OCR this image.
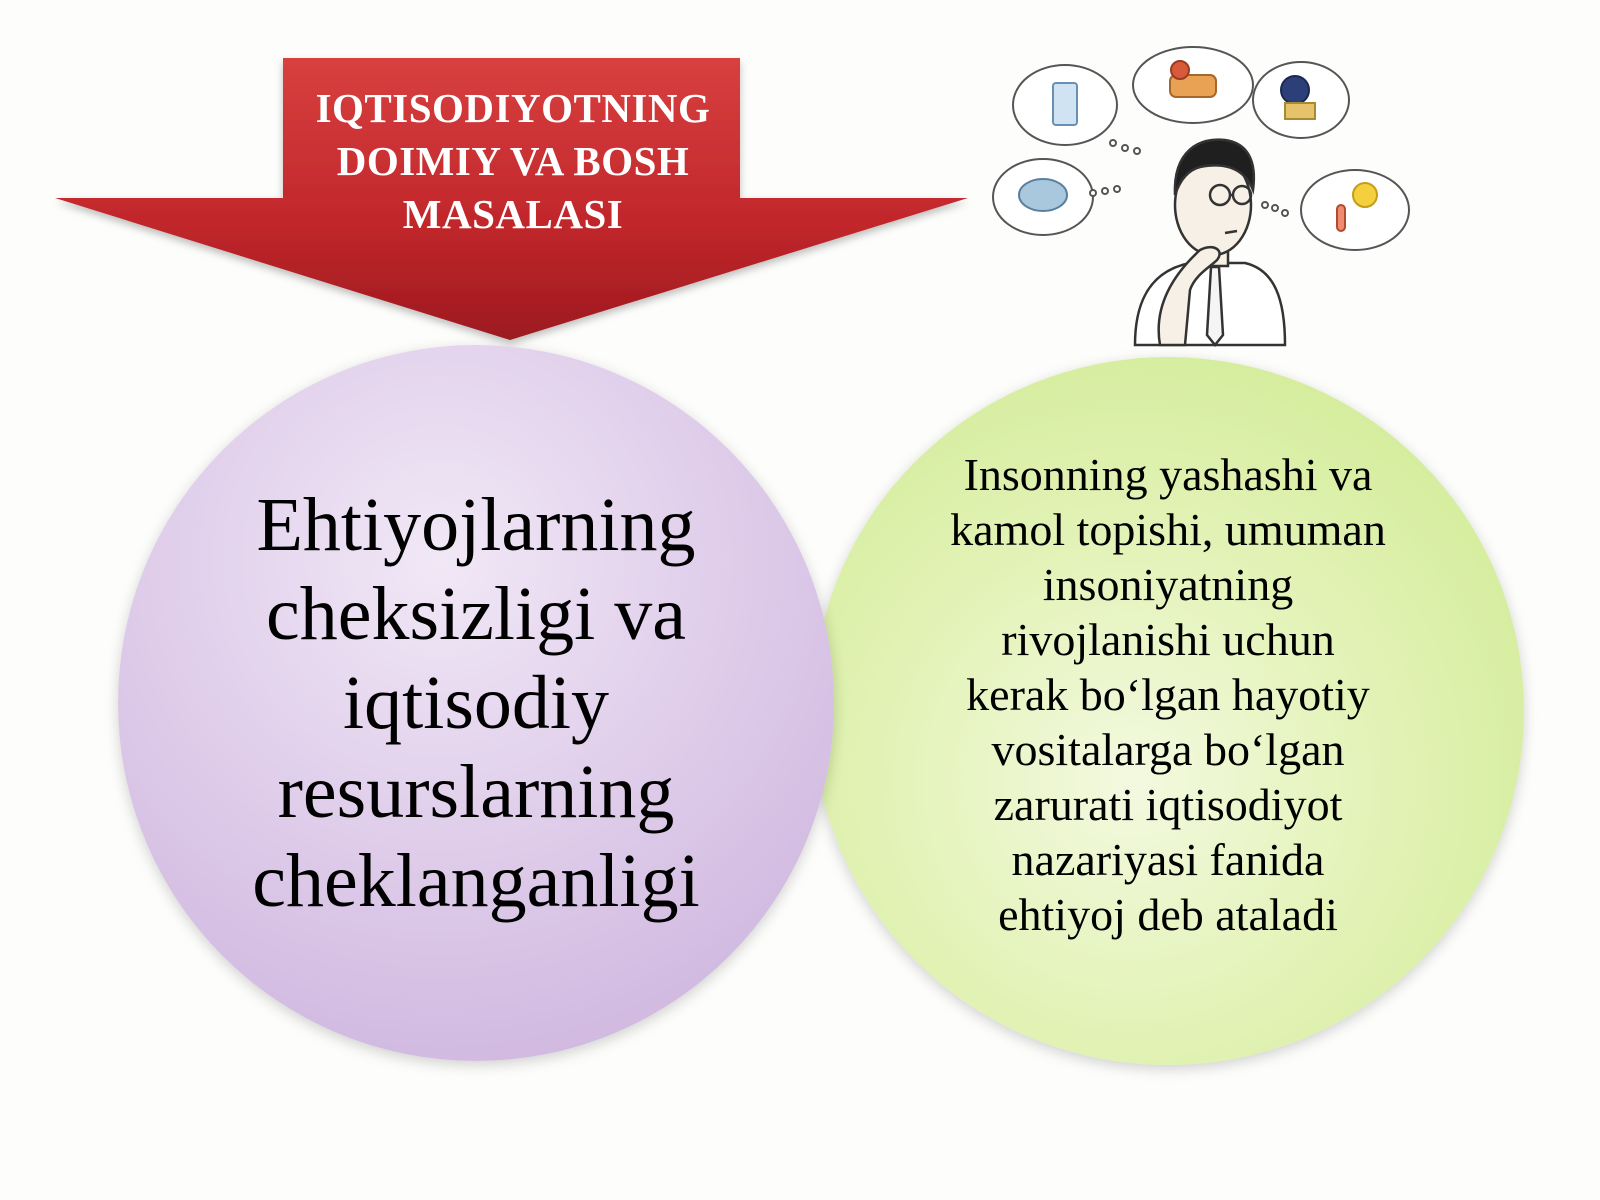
IQTISODIYOTNING
DOIMIY VA BOSH
MASALASI
Ehtiyojlarning
cheksizligi va
iqtisodiy
resurslarning
cheklanganligi
Insonning yashashi va
kamol topishi, umuman
insoniyatning
rivojlanishi uchun
kerak bo‘lgan hayotiy
vositalarga bo‘lgan
zarurati iqtisodiyot
nazariyasi fanida
ehtiyoj deb ataladi
